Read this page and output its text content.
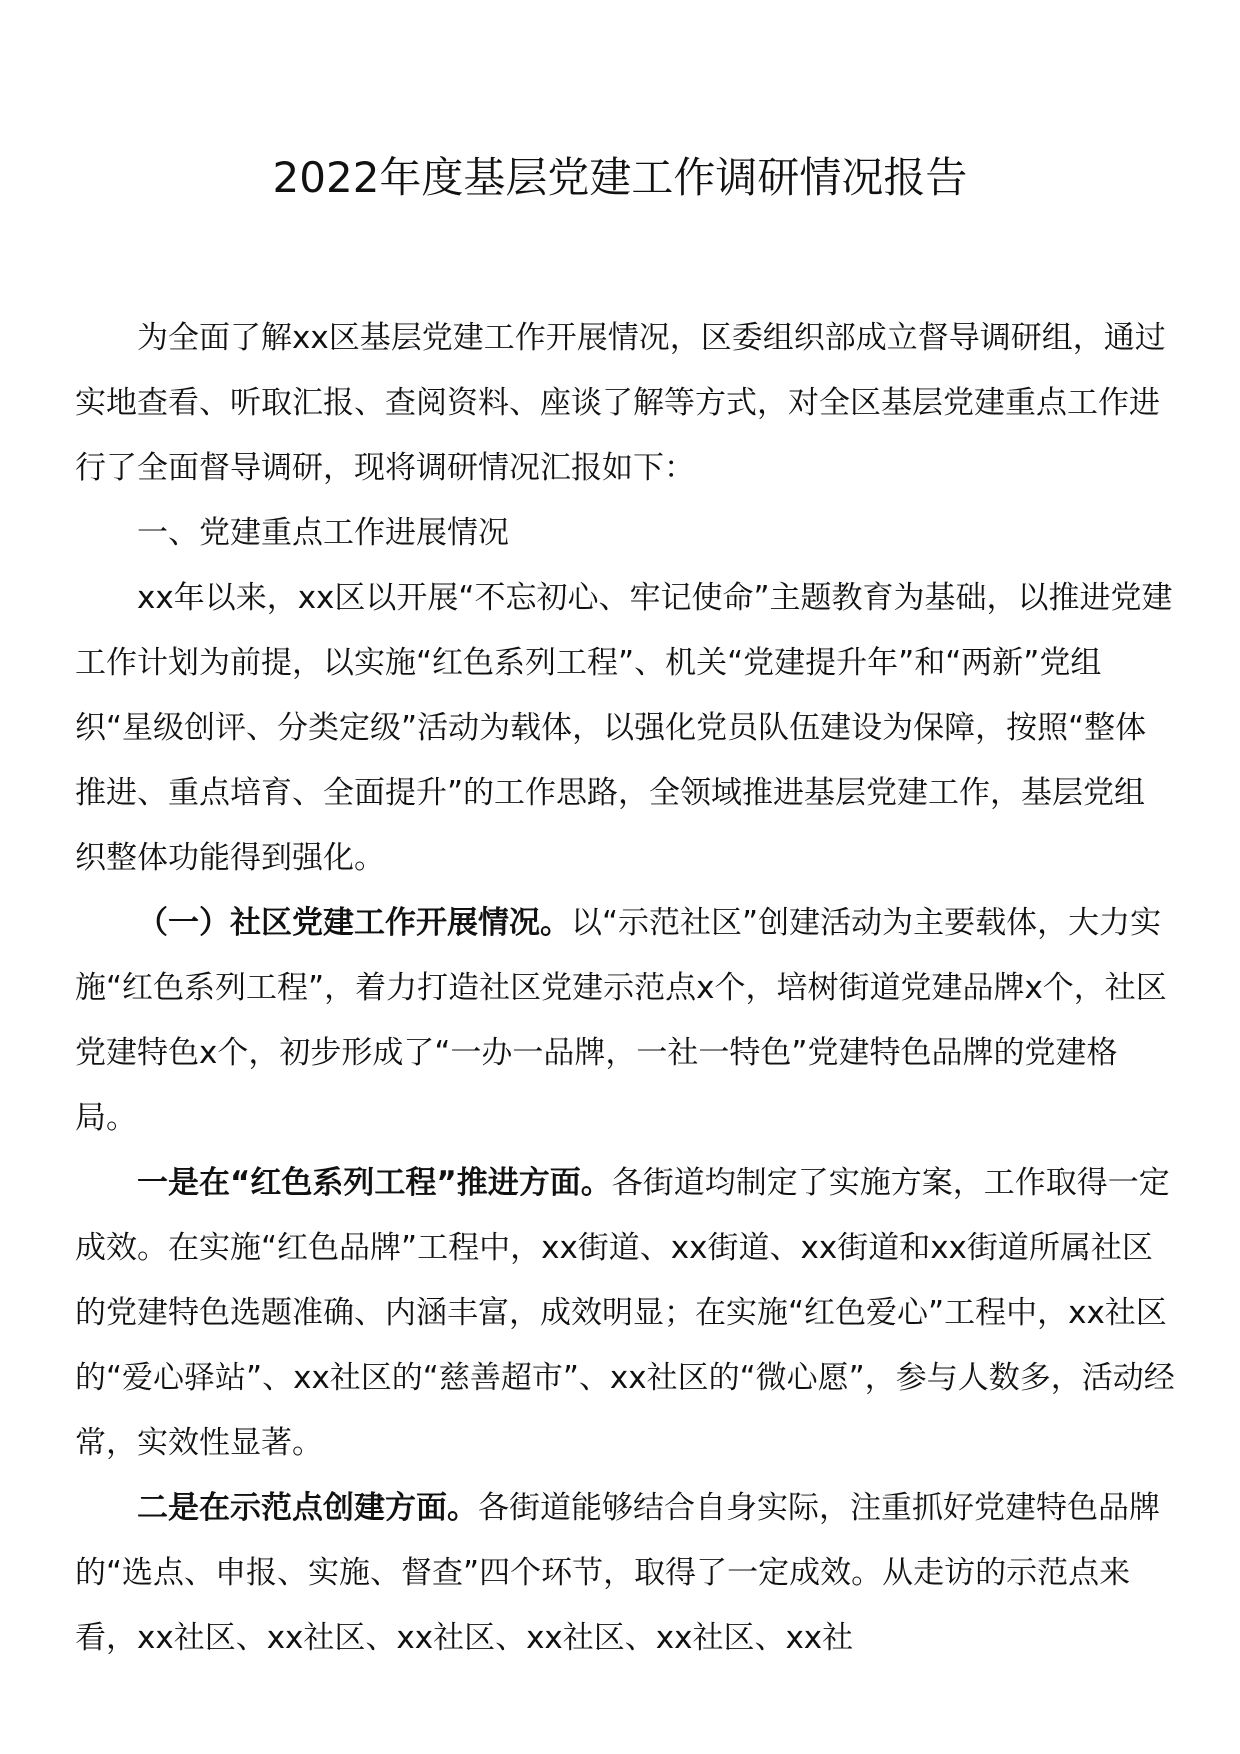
2022年度基层党建工作调研情况报告

为全面了解xx区基层党建工作开展情况，区委组织部成立督导调研组，通过实地查看、听取汇报、查阅资料、座谈了解等方式，对全区基层党建重点工作进行了全面督导调研，现将调研情况汇报如下：

一、党建重点工作进展情况

xx年以来，xx区以开展“不忘初心、牢记使命”主题教育为基础，以推进党建工作计划为前提，以实施“红色系列工程”、机关“党建提升年”和“两新”党组织“星级创评、分类定级”活动为载体，以强化党员队伍建设为保障，按照“整体推进、重点培育、全面提升”的工作思路，全领域推进基层党建工作，基层党组织整体功能得到强化。

（一）社区党建工作开展情况。以“示范社区”创建活动为主要载体，大力实施“红色系列工程”，着力打造社区党建示范点x个，培树街道党建品牌x个，社区党建特色x个，初步形成了“一办一品牌，一社一特色”党建特色品牌的党建格局。

一是在“红色系列工程”推进方面。各街道均制定了实施方案，工作取得一定成效。在实施“红色品牌”工程中，xx街道、xx街道、xx街道和xx街道所属社区的党建特色选题准确、内涵丰富，成效明显；在实施“红色爱心”工程中，xx社区的“爱心驿站”、xx社区的“慈善超市”、xx社区的“微心愿”，参与人数多，活动经常，实效性显著。

二是在示范点创建方面。各街道能够结合自身实际，注重抓好党建特色品牌的“选点、申报、实施、督查”四个环节，取得了一定成效。从走访的示范点来看，xx社区、xx社区、xx社区、xx社区、xx社区、xx社
